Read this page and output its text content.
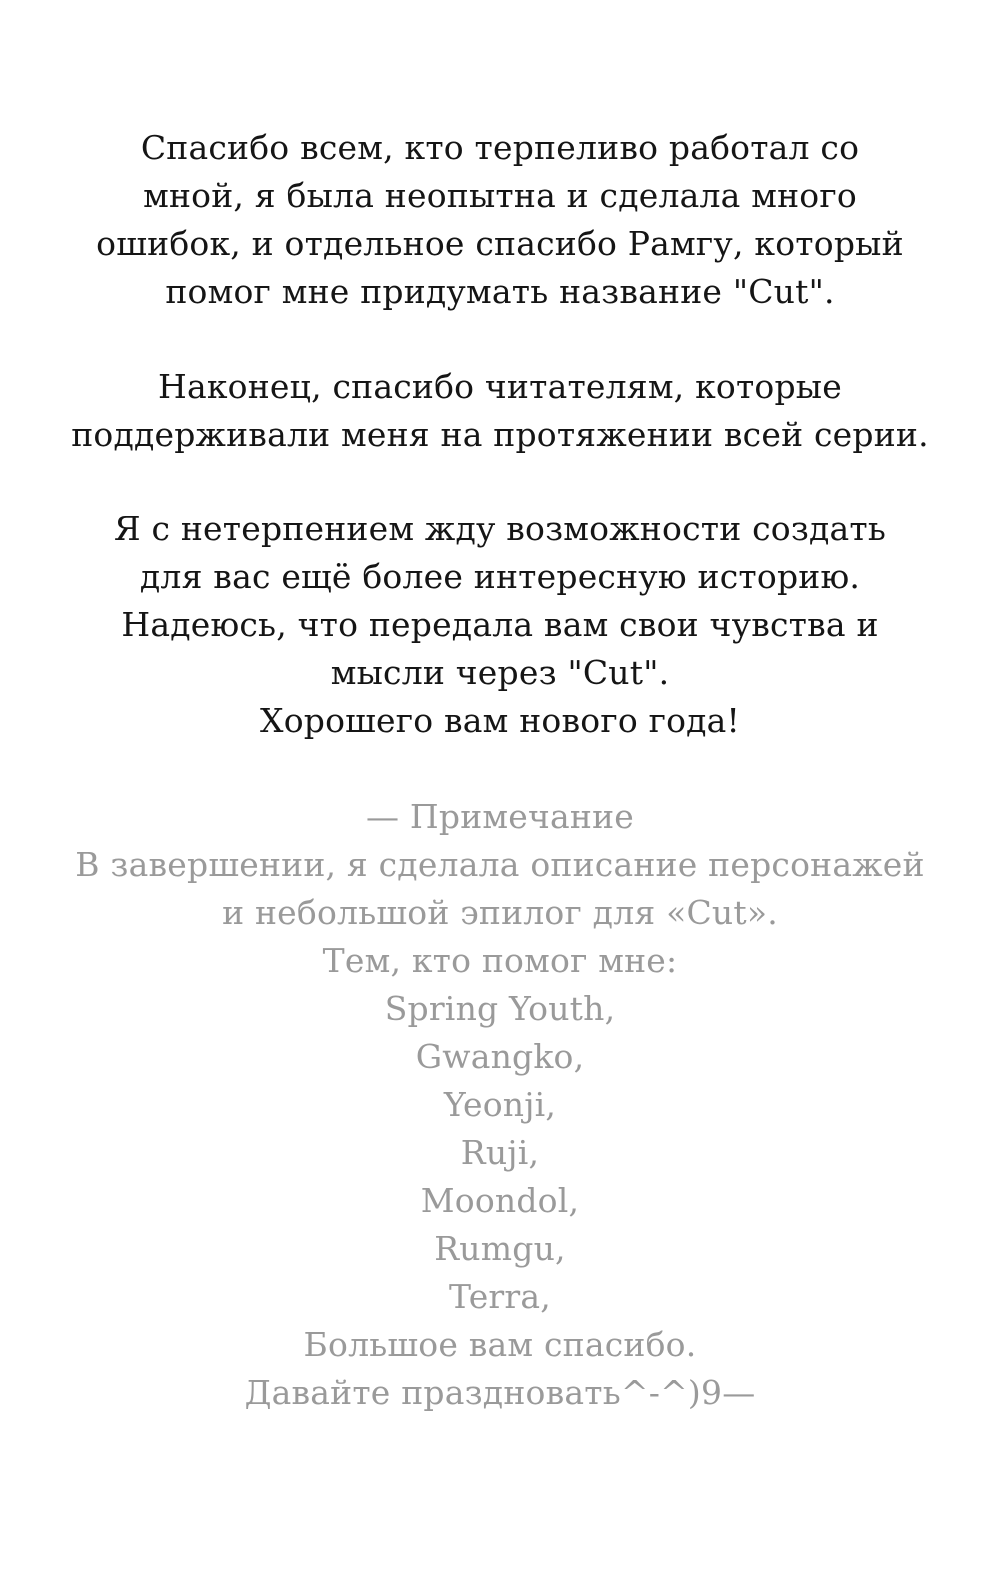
Спасибо всем, кто терпеливо работал со
мной, я была неопытна и сделала много
ошибок, и отдельное спасибо Рамгу, который
помог мне придумать название "Cut".
Наконец, спасибо читателям, которые
поддерживали меня на протяжении всей серии.
Я с нетерпением жду возможности создать
для вас ещё более интересную историю.
Надеюсь, что передала вам свои чувства и
мысли через "Cut".
Хорошего вам нового года!
— Примечание
В завершении, я сделала описание персонажей
и небольшой эпилог для «Cut».
Тем, кто помог мне:
Spring Youth,
Gwangko,
Yeonji,
Ruji,
Moondol,
Rumgu,
Terra,
Большое вам спасибо.
Давайте праздновать^-^)9—
